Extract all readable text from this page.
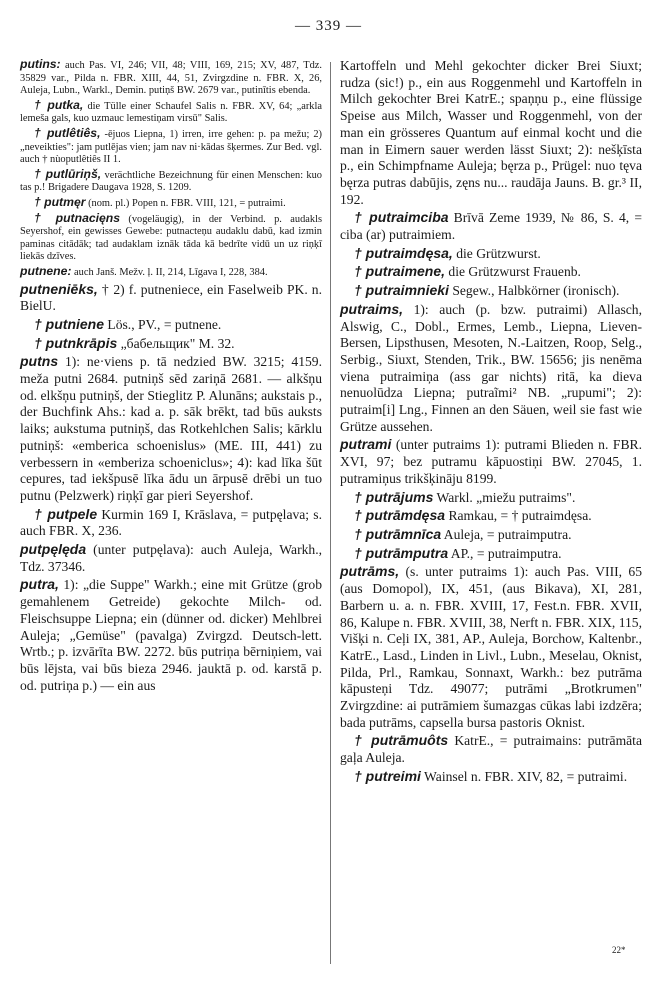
— 339 —

putins: auch Pas. VI, 246; VII, 48; VIII, 169, 215; XV, 487, Tdz. 35829 var., Pilda n. FBR. XIII, 44, 51, Zvirgzdine n. FBR. X, 26, Auleja, Lubn., Warkl., Demin. putiņš BW. 2679 var., putinītis ebenda.

† putka, die Tülle einer Schaufel Salis n. FBR. XV, 64; „arkla lemeša gals, kuo uzmauc lemestiņam virsū" Salis.

† putlêtiês, -ējuos Liepna, 1) irren, irre gehen: p. pa mežu; 2) „neveikties": jam putlējas vien; jam nav ni·kādas šķermes. Zur Bed. vgl. auch † nùoputlêtiês II 1.

† putlūriņš, verächtliche Bezeichnung für einen Menschen: kuo tas p.! Brigadere Daugava 1928, S. 1209.

† putmęr (nom. pl.) Popen n. FBR. VIII, 121, = putraimi.

† putnacięns (vogeläugig), in der Verbind. p. audakls Seyershof, ein gewisses Gewebe: putnacteņu audaklu dabū, kad izmin paminas citādāk; tad audaklam iznāk tāda kā bedrīte vidū un uz riņķī liekās dzīves.

putnene: auch Janš. Mežv. ļ. II, 214, Līgava I, 228, 384.

putneniēks, † 2) f. putneniece, ein Faselweib PK. n. BielU.

† putniene Lös., PV., = putnene.

† putnkrāpis „бабельщик" M. 32.

putns 1): ne·viens p. tā nedzied BW. 3215; 4159. meža putni 2684. putniņš sēd zariņā 2681. — alkšņu od. elkšņu putniņš, der Stieglitz P. Alunāns; aukstais p., der Buchfink Ahs.: kad a. p. sāk brēkt, tad būs auksts laiks; aukstuma putniņš, das Rotkehlchen Salis; kārklu putniņš: «emberica schoenislus» (ME. III, 441) zu verbessern in «emberiza schoeniclus»; 4): kad līka šūt cepures, tad iekšpusē līka ādu un ārpusē drēbi un tuo putnu (Pelzwerk) riņķī gar pieri Seyershof.

† putpele Kurmin 169 I, Krāslava, = putpęlava; s. auch FBR. X, 236.

putpęlęda (unter putpęlava): auch Auleja, Warkh., Tdz. 37346.

putra, 1): „die Suppe" Warkh.; eine mit Grütze (grob gemahlenem Getreide) gekochte Milch- od. Fleischsuppe Liepna; ein (dünner od. dicker) Mehlbrei Auleja; „Gemüse" (pavalga) Zvirgzd. Deutsch-lett. Wrtb.; p. izvārīta BW. 2272. būs putriņa bērniņiem, vai būs lējsta, vai būs bieza 2946. jauktā p. od. karstā p. od. putriņa p.) — ein aus

Kartoffeln und Mehl gekochter dicker Brei Siuxt; rudza (sic!) p., ein aus Roggenmehl und Kartoffeln in Milch gekochter Brei KatrE.; spaņņu p., eine flüssige Speise aus Milch, Wasser und Roggenmehl, von der man ein grösseres Quantum auf einmal kocht und die man in Eimern sauer werden lässt Siuxt; 2): nešķīsta p., ein Schimpfname Auleja; bęrza p., Prügel: nuo tęva bęrza putras dabūjis, zęns nu... raudāja Jauns. B. gr.³ II, 192.

† putraimciba Brīvā Zeme 1939, № 86, S. 4, = ciba (ar) putraimiem.

† putraimdęsa, die Grützwurst.

† putraimene, die Grützwurst Frauenb.

† putraimnieki Segew., Halbkörner (ironisch).

putraims, 1): auch (p. bzw. putraimi) Allasch, Alswig, C., Dobl., Ermes, Lemb., Liepna, Lieven-Bersen, Lipsthusen, Mesoten, N.-Laitzen, Roop, Selg., Serbig., Siuxt, Stenden, Trik., BW. 15656; jis nenēma viena putraimiņa (ass gar nichts) ritā, ka dieva nenuolūdza Liepna; putraĩmi² NB. „rupumi"; 2): putraim[i] Lng., Finnen an den Säuen, weil sie fast wie Grütze aussehen.

putrami (unter putraims 1): putrami Blieden n. FBR. XVI, 97; bez putramu kāpuostiņi BW. 27045, 1. putramiņus trikšķināju 8199.

† putrājums Warkl. „miežu putraims".

† putrāmdęsa Ramkau, = † putraimdęsa.

† putrāmnīca Auleja, = putraimputra.

† putrāmputra AP., = putraimputra.

putrāms, (s. unter putraims 1): auch Pas. VIII, 65 (aus Domopol), IX, 451, (aus Bikava), XI, 281, Barbern u. a. n. FBR. XVIII, 17, Fest.n. FBR. XVII, 86, Kalupe n. FBR. XVIII, 38, Nerft n. FBR. XIX, 115, Višķi n. Ceļi IX, 381, AP., Auleja, Borchow, Kaltenbr., KatrE., Lasd., Linden in Livl., Lubn., Meselau, Oknist, Pilda, Prl., Ramkau, Sonnaxt, Warkh.: bez putrāma kāpusteņi Tdz. 49077; putrāmi „Brotkrumen" Zvirgzdine: ai putrāmiem šumazgas cūkas labi izdzēra; bada putrāms, capsella bursa pastoris Oknist.

† putrāmuôts KatrE., = putraimains: putrāmāta gaļa Auleja.

† putreimi Wainsel n. FBR. XIV, 82, = putraimi.

22*
